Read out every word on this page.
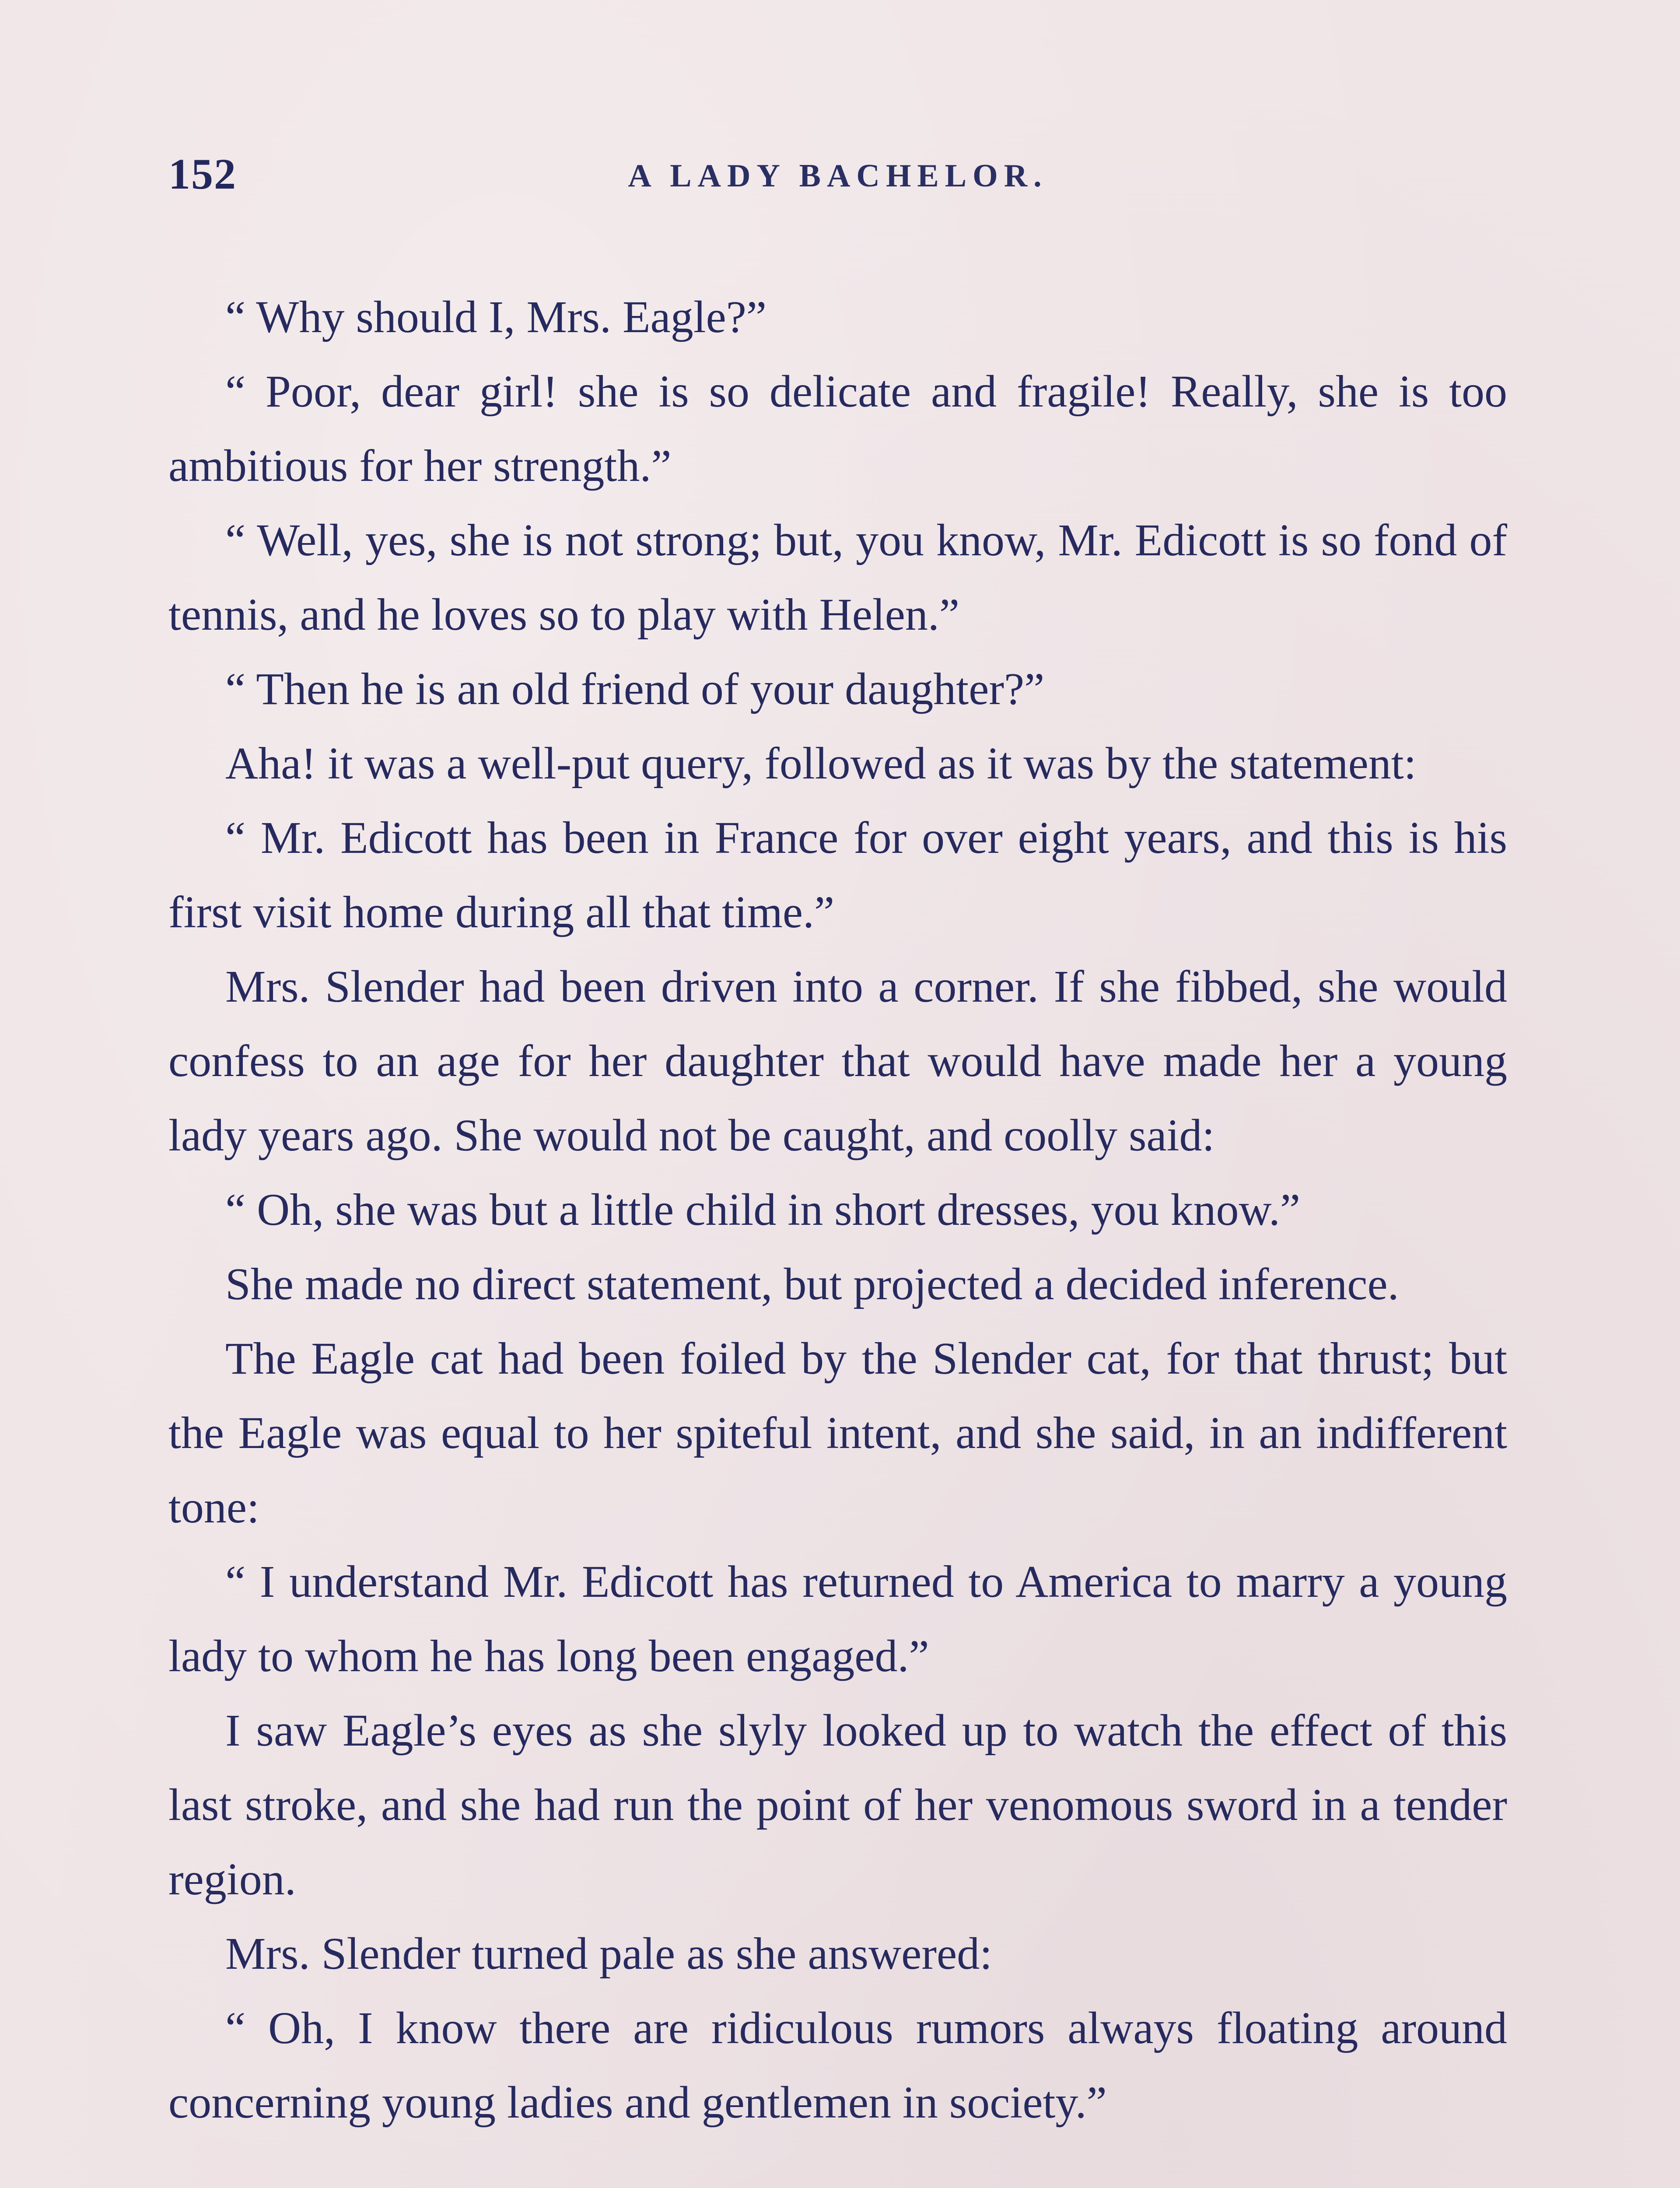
152	A LADY BACHELOR.

“ Why should I, Mrs. Eagle?”

“ Poor, dear girl! she is so delicate and fragile! Really, she is too ambitious for her strength.”

“ Well, yes, she is not strong; but, you know, Mr. Edicott is so fond of tennis, and he loves so to play with Helen.”

“ Then he is an old friend of your daughter?”

Aha! it was a well-put query, followed as it was by the statement:

“ Mr. Edicott has been in France for over eight years, and this is his first visit home during all that time.”

Mrs. Slender had been driven into a corner. If she fibbed, she would confess to an age for her daughter that would have made her a young lady years ago. She would not be caught, and coolly said:

“ Oh, she was but a little child in short dresses, you know.”

She made no direct statement, but projected a decided inference.

The Eagle cat had been foiled by the Slender cat, for that thrust; but the Eagle was equal to her spiteful intent, and she said, in an indifferent tone:

“ I understand Mr. Edicott has returned to America to marry a young lady to whom he has long been engaged.”

I saw Eagle’s eyes as she slyly looked up to watch the effect of this last stroke, and she had run the point of her venomous sword in a tender region.

Mrs. Slender turned pale as she answered:

“ Oh, I know there are ridiculous rumors always floating around concerning young ladies and gentlemen in society.”
